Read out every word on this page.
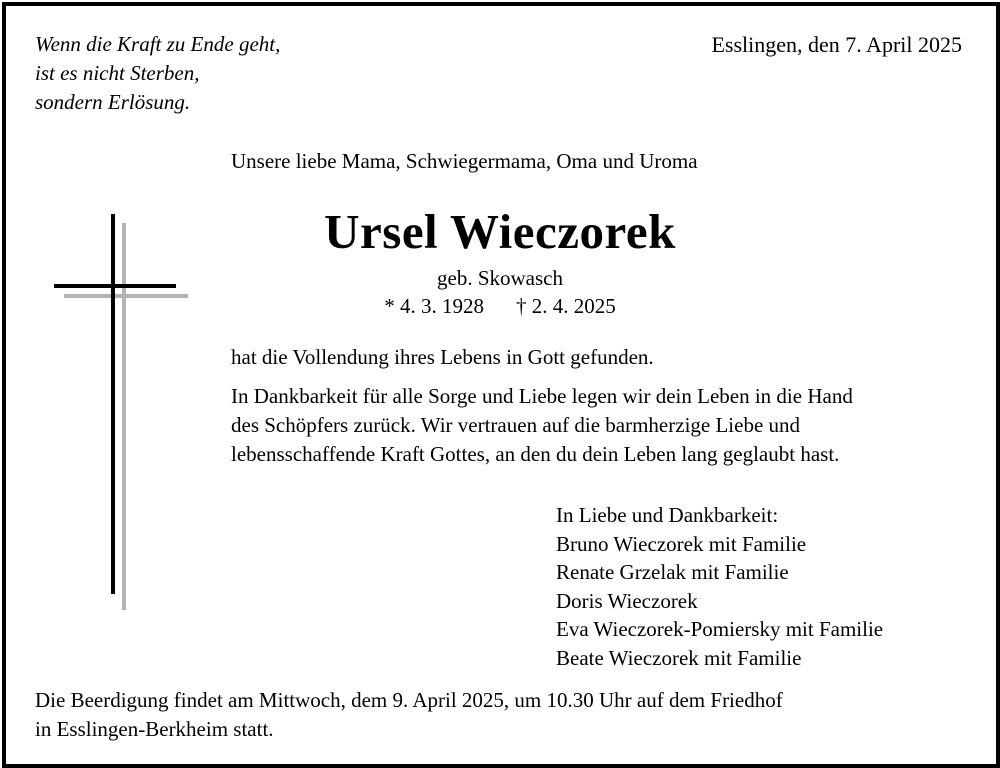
Wenn die Kraft zu Ende geht,
ist es nicht Sterben,
sondern Erlösung.
Esslingen, den 7. April 2025
Unsere liebe Mama, Schwiegermama, Oma und Uroma
Ursel Wieczorek
geb. Skowasch
* 4. 3. 1928 † 2. 4. 2025
hat die Vollendung ihres Lebens in Gott gefunden.
In Dankbarkeit für alle Sorge und Liebe legen wir dein Leben in die Hand
des Schöpfers zurück. Wir vertrauen auf die barmherzige Liebe und
lebensschaffende Kraft Gottes, an den du dein Leben lang geglaubt hast.
In Liebe und Dankbarkeit:
Bruno Wieczorek mit Familie
Renate Grzelak mit Familie
Doris Wieczorek
Eva Wieczorek-Pomiersky mit Familie
Beate Wieczorek mit Familie
Die Beerdigung findet am Mittwoch, dem 9. April 2025, um 10.30 Uhr auf dem Friedhof
in Esslingen-Berkheim statt.
